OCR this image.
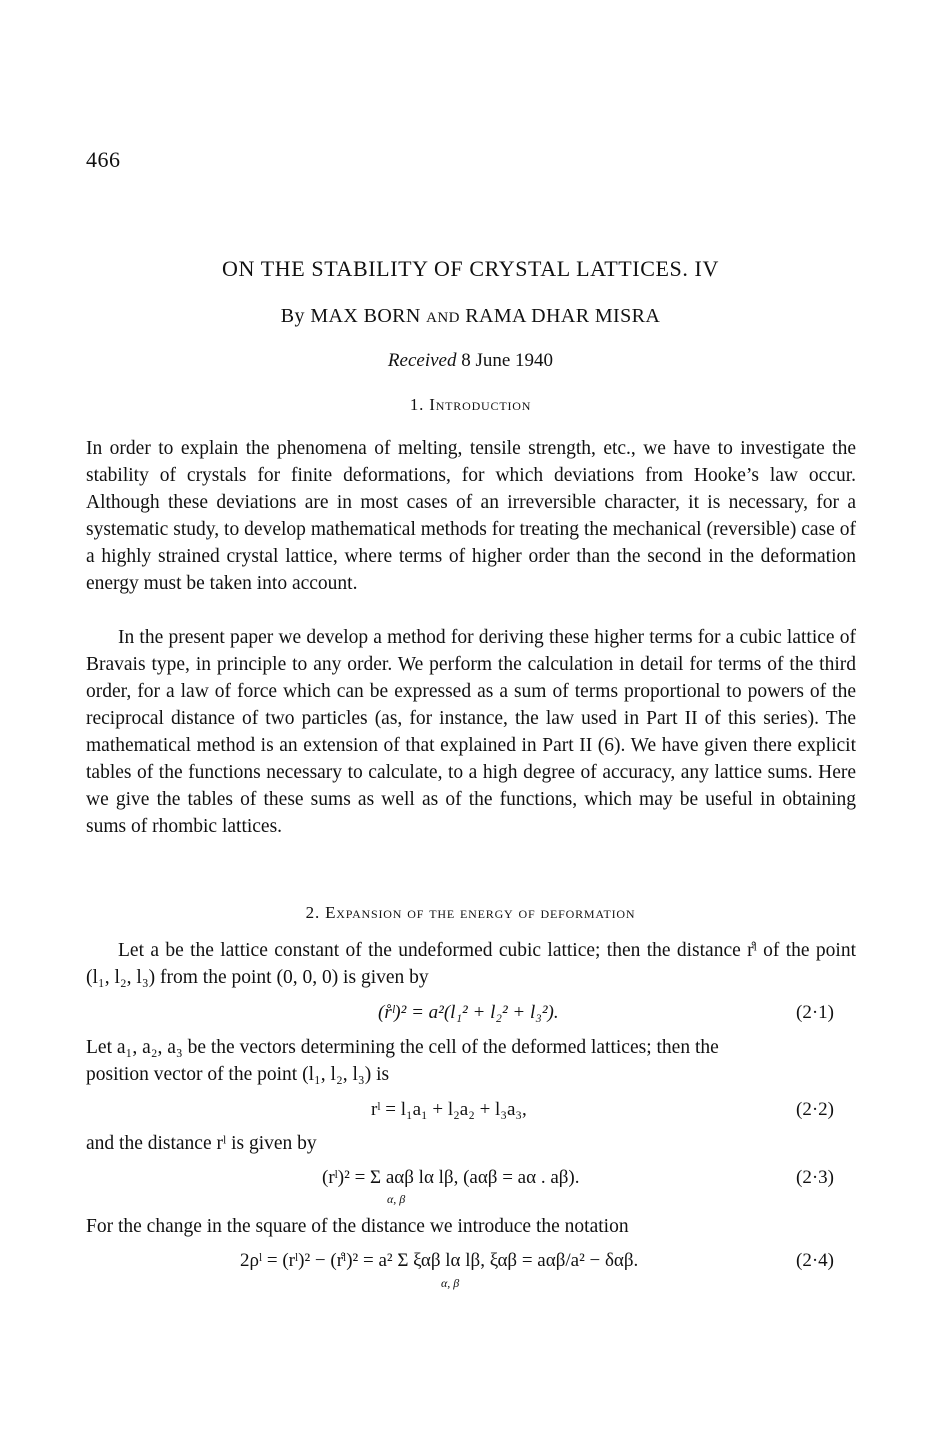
466
ON THE STABILITY OF CRYSTAL LATTICES. IV
By MAX BORN AND RAMA DHAR MISRA
Received 8 June 1940
1. Introduction
In order to explain the phenomena of melting, tensile strength, etc., we have to investigate the stability of crystals for finite deformations, for which deviations from Hooke’s law occur. Although these deviations are in most cases of an irreversible character, it is necessary, for a systematic study, to develop mathematical methods for treating the mechanical (reversible) case of a highly strained crystal lattice, where terms of higher order than the second in the deformation energy must be taken into account.
In the present paper we develop a method for deriving these higher terms for a cubic lattice of Bravais type, in principle to any order. We perform the calculation in detail for terms of the third order, for a law of force which can be expressed as a sum of terms proportional to powers of the reciprocal distance of two particles (as, for instance, the law used in Part II of this series). The mathematical method is an extension of that explained in Part II (6). We have given there explicit tables of the functions necessary to calculate, to a high degree of accuracy, any lattice sums. Here we give the tables of these sums as well as of the functions, which may be useful in obtaining sums of rhombic lattices.
2. Expansion of the energy of deformation
Let a be the lattice constant of the undeformed cubic lattice; then the distance r̊ˡ of the point (l₁, l₂, l₃) from the point (0, 0, 0) is given by
(r̊ˡ)² = a²(l₁² + l₂² + l₃²).	(2·1)
Let a₁, a₂, a₃ be the vectors determining the cell of the deformed lattices; then the
position vector of the point (l₁, l₂, l₃) is
rˡ = l₁a₁ + l₂a₂ + l₃a₃,	(2·2)
and the distance rˡ is given by
(rˡ)² = Σ aαβ lα lβ, (aαβ = aα . aβ).
α, β
(2·3)
For the change in the square of the distance we introduce the notation
2ρˡ = (rˡ)² − (r̊ˡ)² = a² Σ ξαβ lα lβ, ξαβ = aαβ/a² − δαβ.
α, β
(2·4)
